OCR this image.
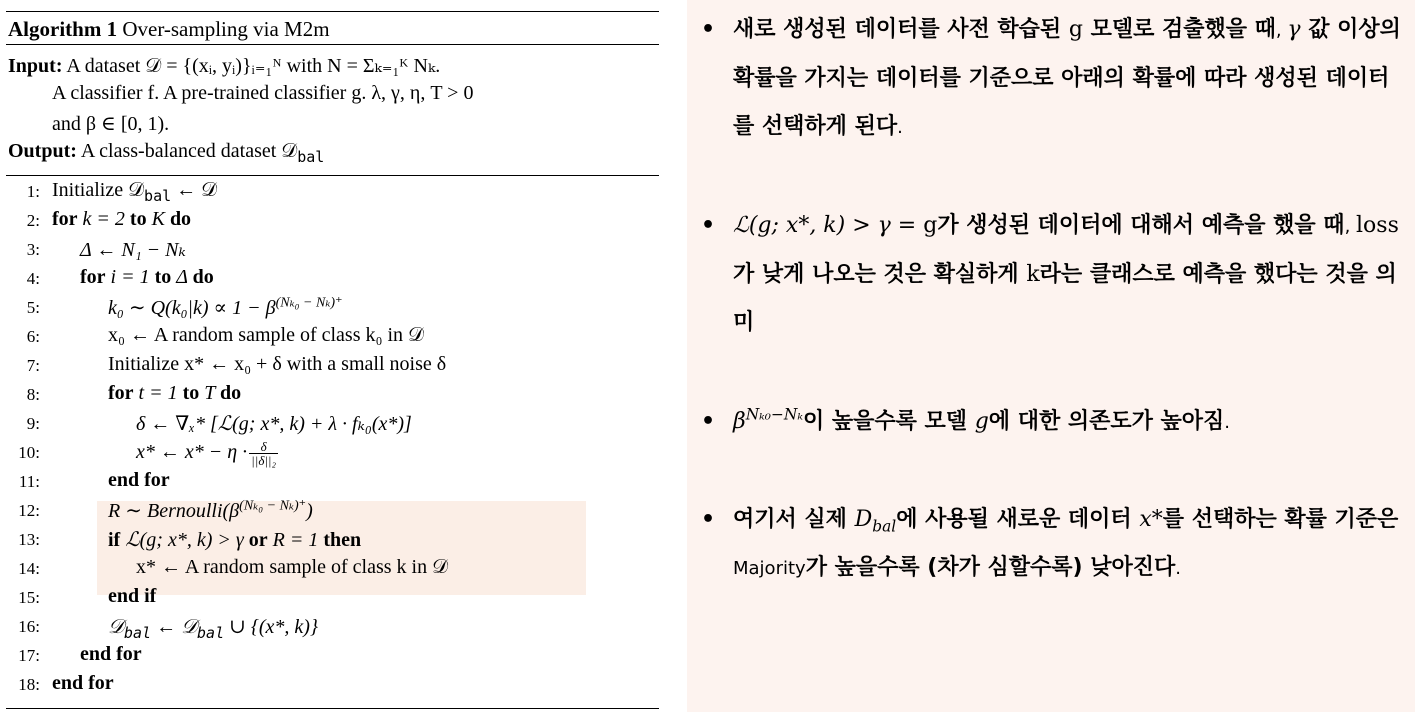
Algorithm 1 Over-sampling via M2m
Input: A dataset 𝒟 = {(xᵢ, yᵢ)}ᵢ₌₁ᴺ with N = Σₖ₌₁ᴷ Nₖ.
A classifier f. A pre-trained classifier g. λ, γ, η, T > 0
and β ∈ [0, 1).
Output: A class-balanced dataset 𝒟$_{bal}$
1: Initialize 𝒟$_{bal}$ ← 𝒟
2: for k = 2 to K do
3: Δ ← N₁ − Nₖ
4: for i = 1 to Δ do
5:	k₀ ∼ $Q(k_0|k) \propto 1 - \beta^{(N_{k0} - N_k)^+}$
6:	x₀ ← A random sample of class k₀ in 𝒟
7:	Initialize x* ← x₀ + δ with a small noise δ
8:	for t = 1 to T do
9:	δ ← ∇ₓ* [ℒ(g; x*, k) + λ · fₖ₀(x*)]
10:	x* ← $x* - \eta \cdot \frac{\delta}{\text{||δ||₂}}$
11:	end for
12:	R ∼ $Bernoulli(\beta^{(N_{k0} - N_k)^+})$
13:	if ℒ(g; x*, k) > γ or R = 1 then
14:	x* ← A random sample of class k in 𝒟
15:	end if
16:	𝒟$_{bal}$ ← 𝒟$_{bal}$ ∪ {(x*, k)}
17: end for
18: end for
• 새로 생성된 데이터를 사전 학습된 g 모델로 검출했을 때, γ 값 이상의 확률을 가지는 데이터를 기준으로 아래의 확률에 따라 생성된 데이터를 선택하게 된다.
• ℒ(g; x*, k) > γ = g가 생성된 데이터에 대해서 예측을 했을 때, loss가 낮게 나오는 것은 확실하게 k라는 클래스로 예측을 했다는 것을 의미
• $\beta^{N_{k0}-N_k}$이 높을수록 모델 g에 대한 의존도가 높아짐.
• 여기서 실제 $D_{bal}$에 사용될 새로운 데이터 x*를 선택하는 확률 기준은 Majority가 높을수록 (차가 심할수록) 낮아진다.
